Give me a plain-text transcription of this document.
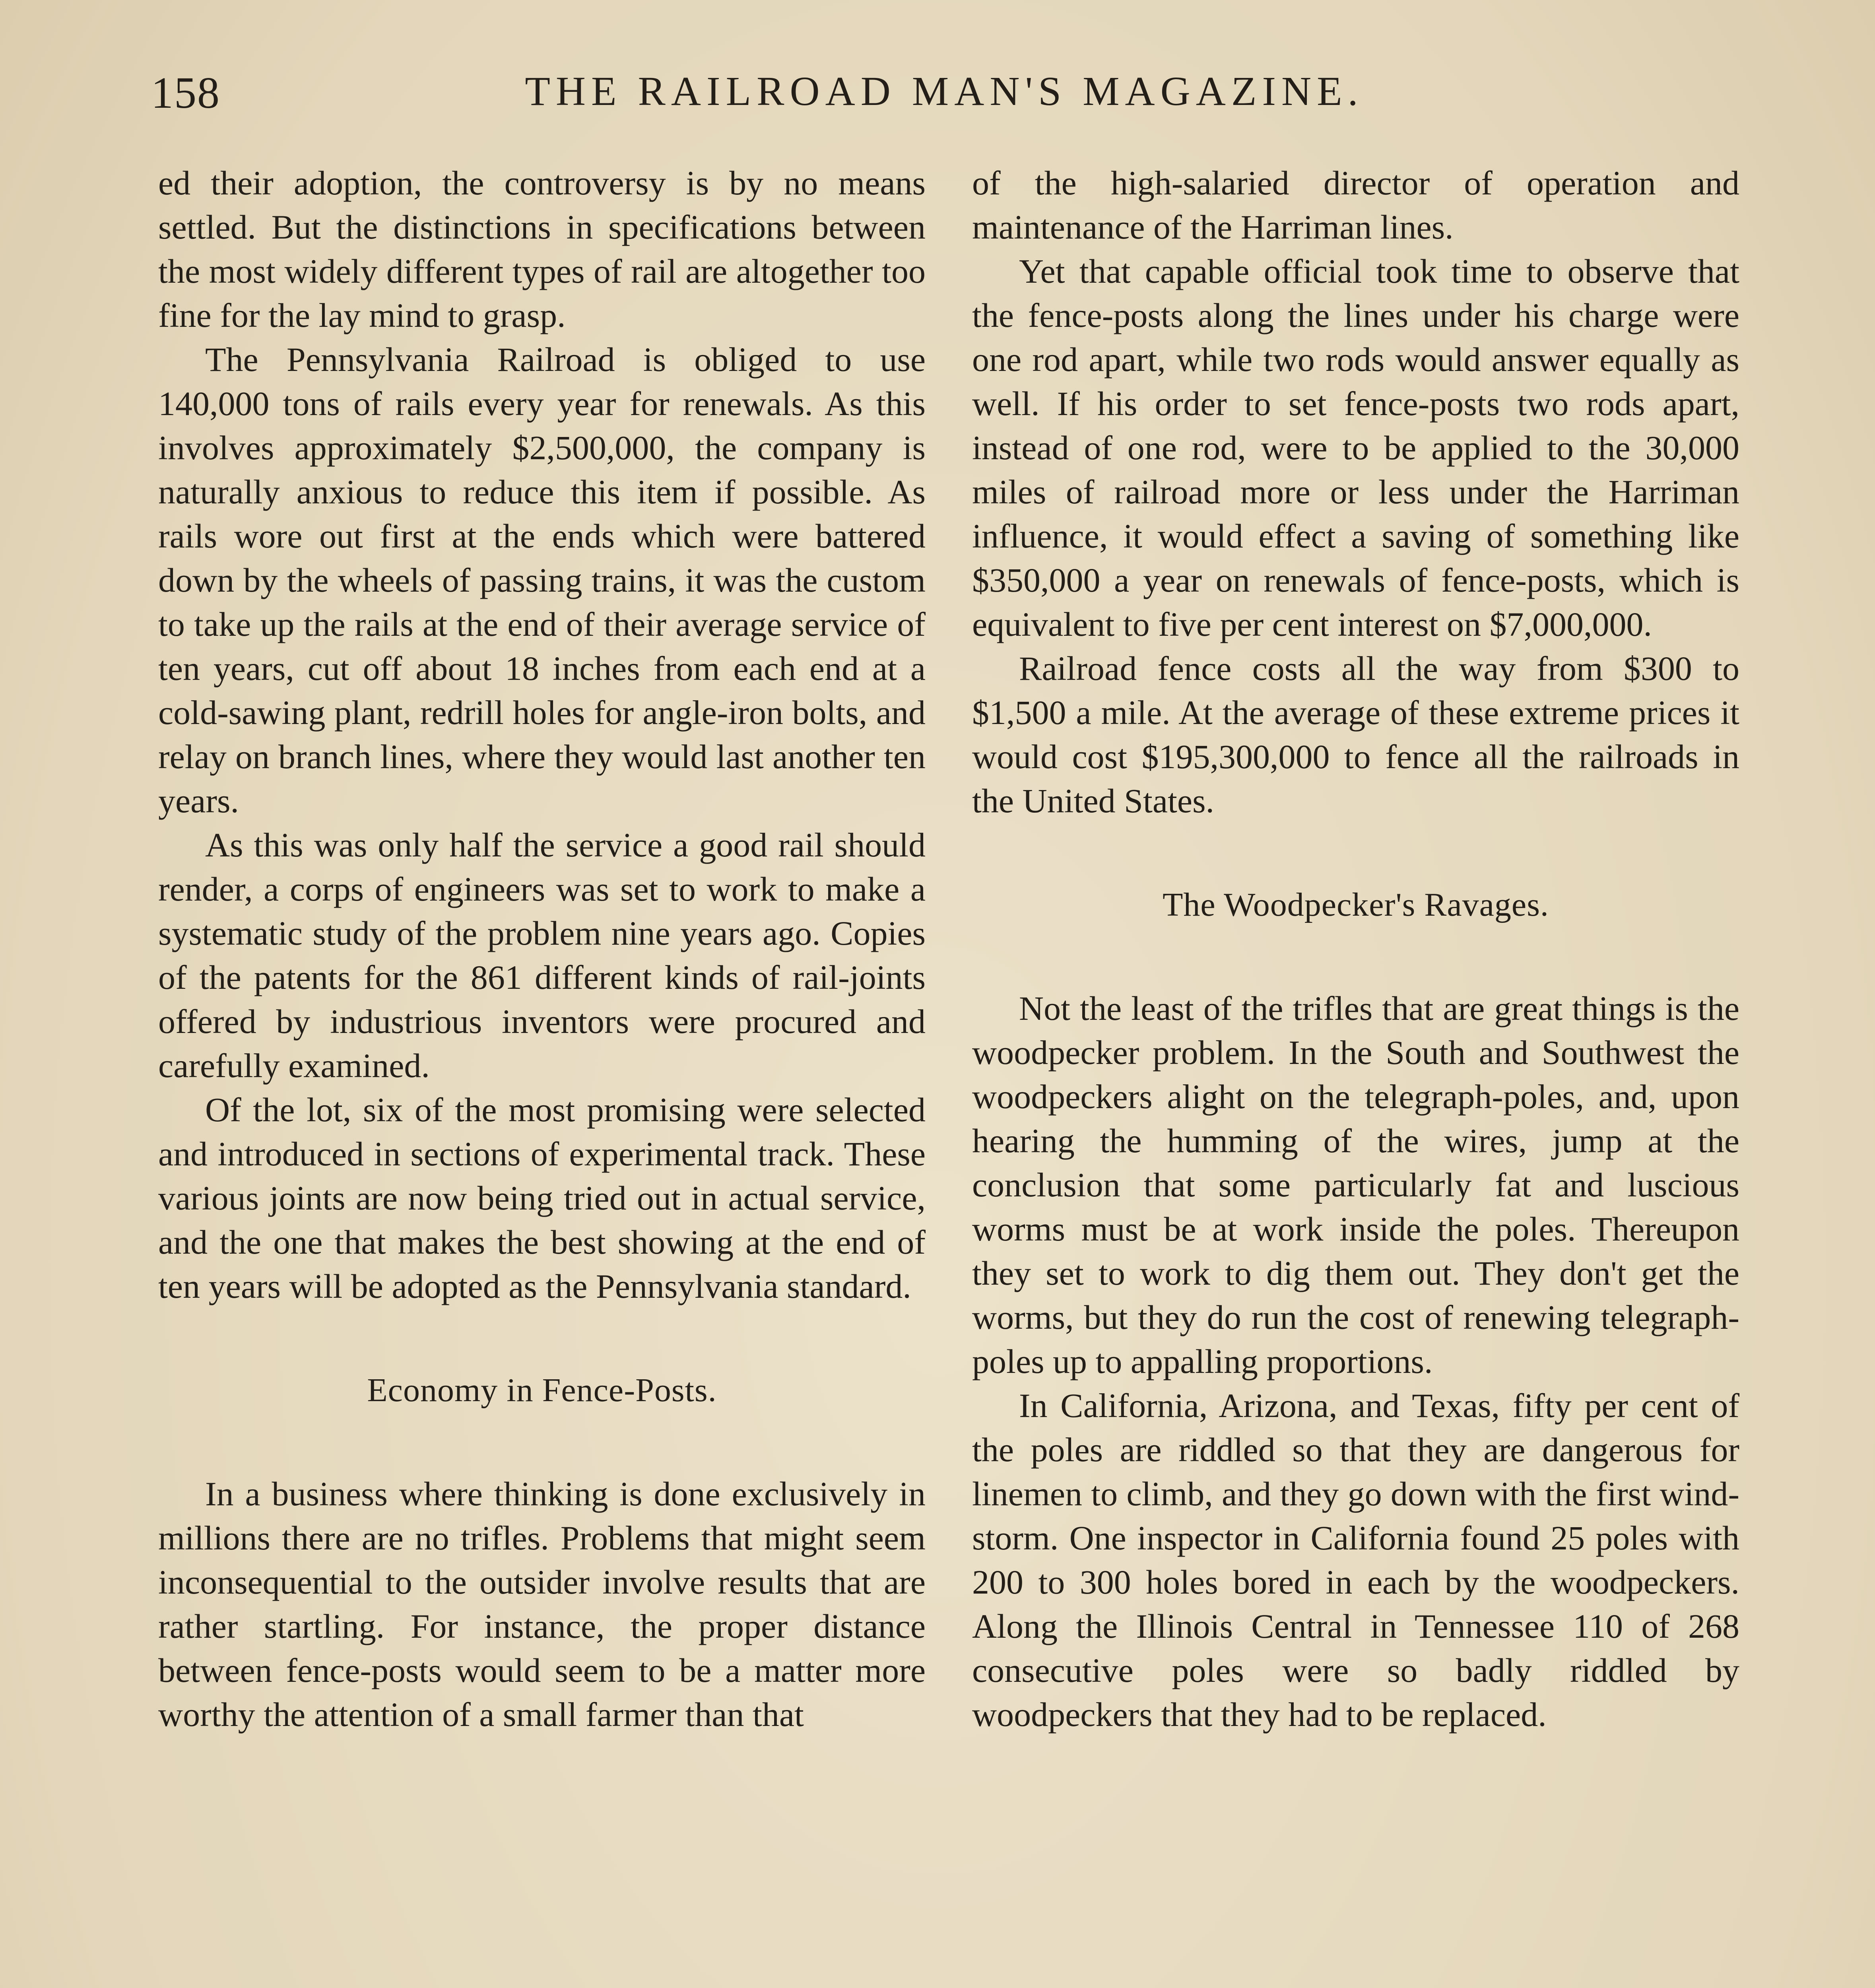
158	THE RAILROAD MAN'S MAGAZINE.

ed their adoption, the controversy is by no means settled. But the distinctions in specifications between the most widely different types of rail are altogether too fine for the lay mind to grasp.

The Pennsylvania Railroad is obliged to use 140,000 tons of rails every year for renewals. As this involves approximately $2,500,000, the company is naturally anxious to reduce this item if possible. As rails wore out first at the ends which were battered down by the wheels of passing trains, it was the custom to take up the rails at the end of their average service of ten years, cut off about 18 inches from each end at a cold-sawing plant, redrill holes for angle-iron bolts, and relay on branch lines, where they would last another ten years.

As this was only half the service a good rail should render, a corps of engineers was set to work to make a systematic study of the problem nine years ago. Copies of the patents for the 861 different kinds of rail-joints offered by industrious inventors were procured and carefully examined.

Of the lot, six of the most promising were selected and introduced in sections of experimental track. These various joints are now being tried out in actual service, and the one that makes the best showing at the end of ten years will be adopted as the Pennsylvania standard.

Economy in Fence-Posts.

In a business where thinking is done exclusively in millions there are no trifles. Problems that might seem inconsequential to the outsider involve results that are rather startling. For instance, the proper distance between fence-posts would seem to be a matter more worthy the attention of a small farmer than that

of the high-salaried director of operation and maintenance of the Harriman lines.

Yet that capable official took time to observe that the fence-posts along the lines under his charge were one rod apart, while two rods would answer equally as well. If his order to set fence-posts two rods apart, instead of one rod, were to be applied to the 30,000 miles of railroad more or less under the Harriman influence, it would effect a saving of something like $350,000 a year on renewals of fence-posts, which is equivalent to five per cent interest on $7,000,000.

Railroad fence costs all the way from $300 to $1,500 a mile. At the average of these extreme prices it would cost $195,300,000 to fence all the railroads in the United States.

The Woodpecker's Ravages.

Not the least of the trifles that are great things is the woodpecker problem. In the South and Southwest the woodpeckers alight on the telegraph-poles, and, upon hearing the humming of the wires, jump at the conclusion that some particularly fat and luscious worms must be at work inside the poles. Thereupon they set to work to dig them out. They don't get the worms, but they do run the cost of renewing telegraph-poles up to appalling proportions.

In California, Arizona, and Texas, fifty per cent of the poles are riddled so that they are dangerous for linemen to climb, and they go down with the first wind-storm. One inspector in California found 25 poles with 200 to 300 holes bored in each by the woodpeckers. Along the Illinois Central in Tennessee 110 of 268 consecutive poles were so badly riddled by woodpeckers that they had to be replaced.
